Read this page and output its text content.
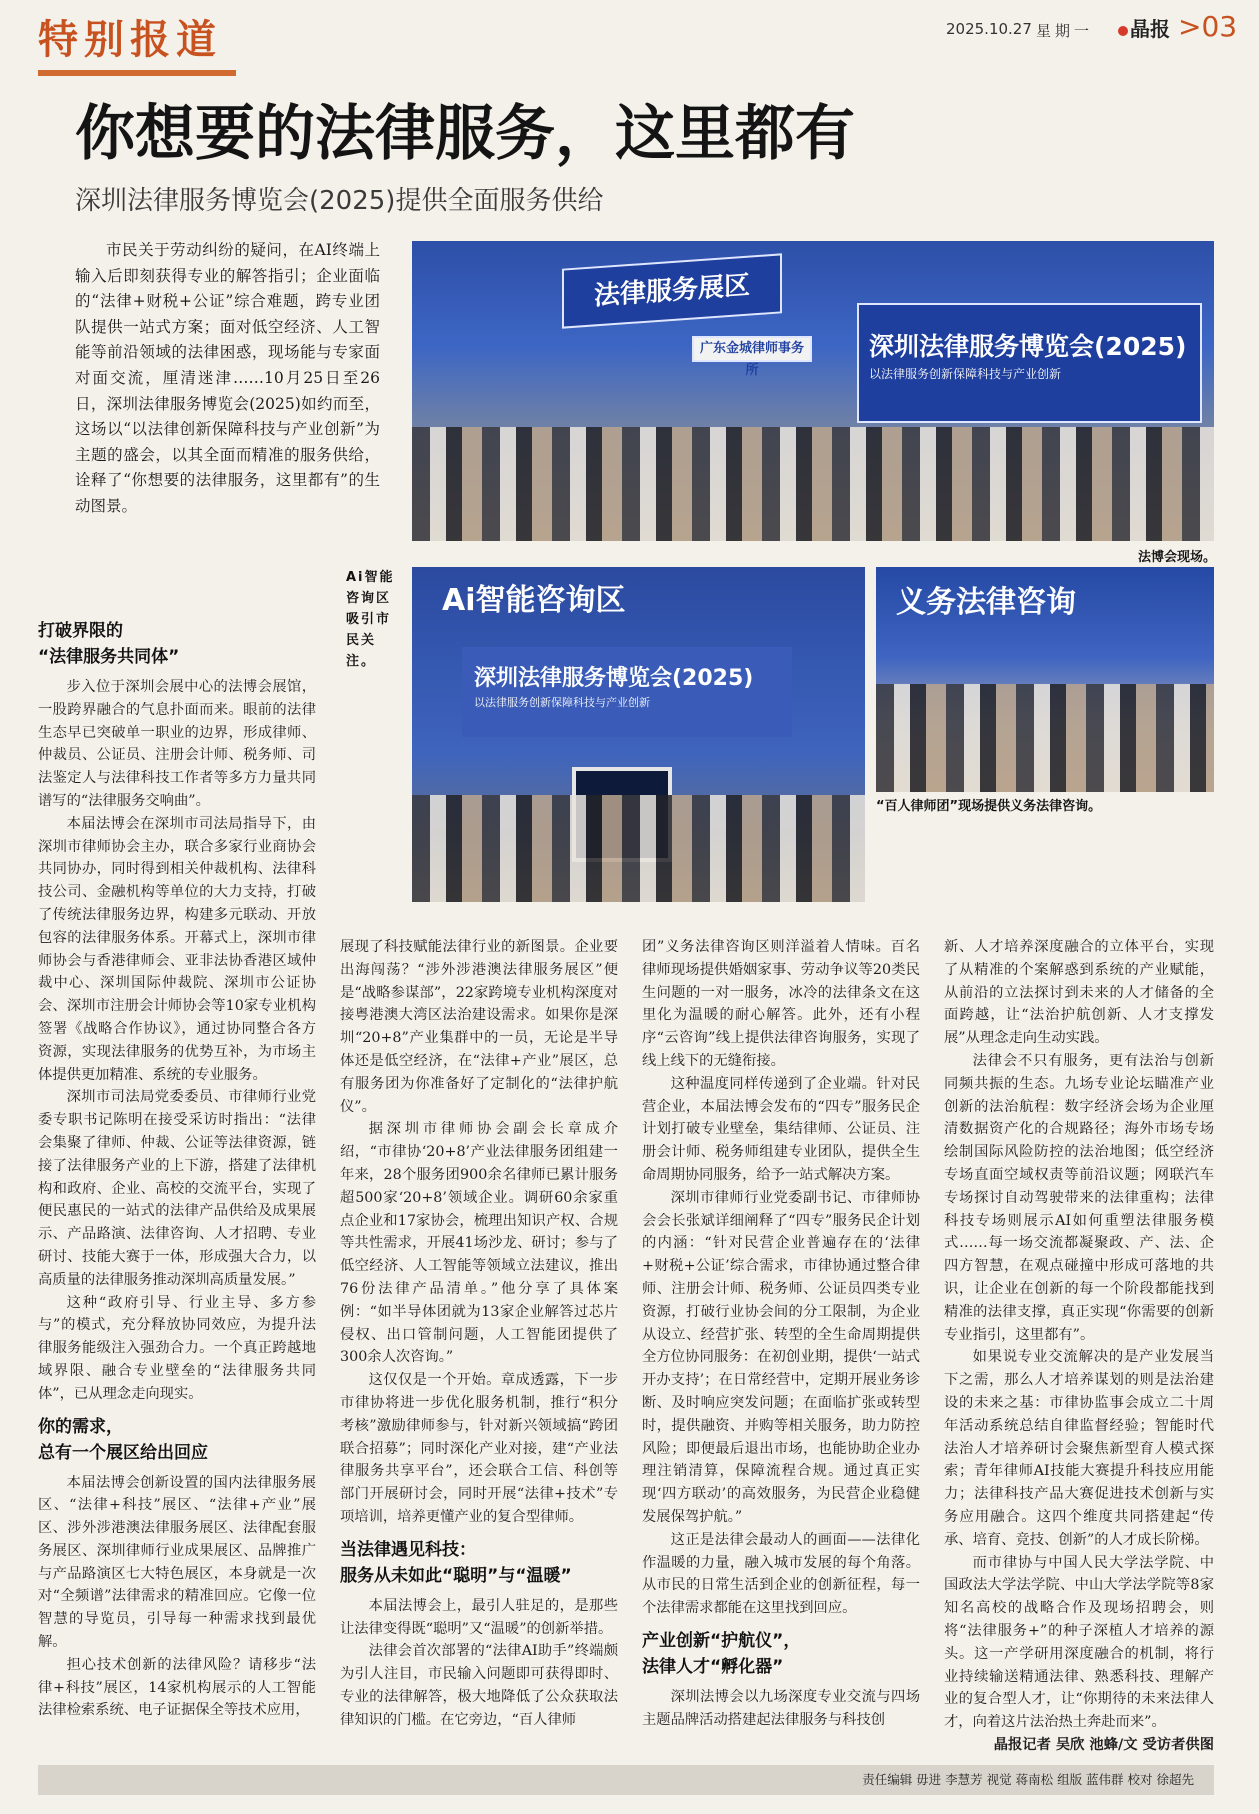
特别报道	2025.10.27 星期一	晶报 >03
你想要的法律服务，这里都有
深圳法律服务博览会(2025)提供全面服务供给
市民关于劳动纠纷的疑问，在AI终端上输入后即刻获得专业的解答指引；企业面临的“法律+财税+公证”综合难题，跨专业团队提供一站式方案；面对低空经济、人工智能等前沿领域的法律困惑，现场能与专家面对面交流，厘清迷津……10月25日至26日，深圳法律服务博览会(2025)如约而至，这场以“以法律创新保障科技与产业创新”为主题的盛会，以其全面而精准的服务供给，诠释了“你想要的法律服务，这里都有”的生动图景。
法律服务展区
广东金城律师事务所
深圳法律服务博览会(2025)
以法律服务创新保障科技与产业创新
法博会现场。
Ai智能咨询区吸引市民关注。
Ai智能咨询区
深圳法律服务博览会(2025)
以法律服务创新保障科技与产业创新
义务法律咨询
“百人律师团”现场提供义务法律咨询。
打破界限的
“法律服务共同体”

步入位于深圳会展中心的法博会展馆，一股跨界融合的气息扑面而来。眼前的法律生态早已突破单一职业的边界，形成律师、仲裁员、公证员、注册会计师、税务师、司法鉴定人与法律科技工作者等多方力量共同谱写的“法律服务交响曲”。

本届法博会在深圳市司法局指导下，由深圳市律师协会主办，联合多家行业商协会共同协办，同时得到相关仲裁机构、法律科技公司、金融机构等单位的大力支持，打破了传统法律服务边界，构建多元联动、开放包容的法律服务体系。开幕式上，深圳市律师协会与香港律师会、亚非法协香港区域仲裁中心、深圳国际仲裁院、深圳市公证协会、深圳市注册会计师协会等10家专业机构签署《战略合作协议》，通过协同整合各方资源，实现法律服务的优势互补，为市场主体提供更加精准、系统的专业服务。

深圳市司法局党委委员、市律师行业党委专职书记陈明在接受采访时指出：“法律会集聚了律师、仲裁、公证等法律资源，链接了法律服务产业的上下游，搭建了法律机构和政府、企业、高校的交流平台，实现了便民惠民的一站式的法律产品供给及成果展示、产品路演、法律咨询、人才招聘、专业研讨、技能大赛于一体，形成强大合力，以高质量的法律服务推动深圳高质量发展。”

这种“政府引导、行业主导、多方参与”的模式，充分释放协同效应，为提升法律服务能级注入强劲合力。一个真正跨越地域界限、融合专业壁垒的“法律服务共同体”，已从理念走向现实。

你的需求，
总有一个展区给出回应

本届法博会创新设置的国内法律服务展区、“法律+科技”展区、“法律+产业”展区、涉外涉港澳法律服务展区、法律配套服务展区、深圳律师行业成果展区、品牌推广与产品路演区七大特色展区，本身就是一次对“全频谱”法律需求的精准回应。它像一位智慧的导览员，引导每一种需求找到最优解。

担心技术创新的法律风险？请移步“法律+科技”展区，14家机构展示的人工智能法律检索系统、电子证据保全等技术应用，

展现了科技赋能法律行业的新图景。企业要出海闯荡？“涉外涉港澳法律服务展区”便是“战略参谋部”，22家跨境专业机构深度对接粤港澳大湾区法治建设需求。如果你是深圳“20+8”产业集群中的一员，无论是半导体还是低空经济，在“法律+产业”展区，总有服务团为你准备好了定制化的“法律护航仪”。

据深圳市律师协会副会长章成介绍，“市律协‘20+8’产业法律服务团组建一年来，28个服务团900余名律师已累计服务超500家‘20+8’领域企业。调研60余家重点企业和17家协会，梳理出知识产权、合规等共性需求，开展41场沙龙、研讨；参与了低空经济、人工智能等领域立法建议，推出76份法律产品清单。”他分享了具体案例：“如半导体团就为13家企业解答过芯片侵权、出口管制问题，人工智能团提供了300余人次咨询。”

这仅仅是一个开始。章成透露，下一步市律协将进一步优化服务机制，推行“积分考核”激励律师参与，针对新兴领域搞“跨团联合招募”；同时深化产业对接，建“产业法律服务共享平台”，还会联合工信、科创等部门开展研讨会，同时开展“法律+技术”专项培训，培养更懂产业的复合型律师。

当法律遇见科技：
服务从未如此“聪明”与“温暖”

本届法博会上，最引人驻足的，是那些让法律变得既“聪明”又“温暖”的创新举措。

法律会首次部署的“法律AI助手”终端颇为引人注目，市民输入问题即可获得即时、专业的法律解答，极大地降低了公众获取法律知识的门槛。在它旁边，“百人律师

团”义务法律咨询区则洋溢着人情味。百名律师现场提供婚姻家事、劳动争议等20类民生问题的一对一服务，冰冷的法律条文在这里化为温暖的耐心解答。此外，还有小程序“云咨询”线上提供法律咨询服务，实现了线上线下的无缝衔接。

这种温度同样传递到了企业端。针对民营企业，本届法博会发布的“四专”服务民企计划打破专业壁垒，集结律师、公证员、注册会计师、税务师组建专业团队，提供全生命周期协同服务，给予一站式解决方案。

深圳市律师行业党委副书记、市律师协会会长张斌详细阐释了“四专”服务民企计划的内涵：“针对民营企业普遍存在的‘法律+财税+公证’综合需求，市律协通过整合律师、注册会计师、税务师、公证员四类专业资源，打破行业协会间的分工限制，为企业从设立、经营扩张、转型的全生命周期提供全方位协同服务：在初创业期，提供‘一站式开办支持’；在日常经营中，定期开展业务诊断、及时响应突发问题；在面临扩张或转型时，提供融资、并购等相关服务，助力防控风险；即便最后退出市场，也能协助企业办理注销清算，保障流程合规。通过真正实现‘四方联动’的高效服务，为民营企业稳健发展保驾护航。”

这正是法律会最动人的画面——法律化作温暖的力量，融入城市发展的每个角落。从市民的日常生活到企业的创新征程，每一个法律需求都能在这里找到回应。

产业创新“护航仪”，
法律人才“孵化器”

深圳法博会以九场深度专业交流与四场主题品牌活动搭建起法律服务与科技创

新、人才培养深度融合的立体平台，实现了从精准的个案解惑到系统的产业赋能，从前沿的立法探讨到未来的人才储备的全面跨越，让“法治护航创新、人才支撑发展”从理念走向生动实践。

法律会不只有服务，更有法治与创新同频共振的生态。九场专业论坛瞄准产业创新的法治航程：数字经济会场为企业厘清数据资产化的合规路径；海外市场专场绘制国际风险防控的法治地图；低空经济专场直面空域权责等前沿议题；网联汽车专场探讨自动驾驶带来的法律重构；法律科技专场则展示AI如何重塑法律服务模式……每一场交流都凝聚政、产、法、企四方智慧，在观点碰撞中形成可落地的共识，让企业在创新的每一个阶段都能找到精准的法律支撑，真正实现“你需要的创新专业指引，这里都有”。

如果说专业交流解决的是产业发展当下之需，那么人才培养谋划的则是法治建设的未来之基：市律协监事会成立二十周年活动系统总结自律监督经验；智能时代法治人才培养研讨会聚焦新型育人模式探索；青年律师AI技能大赛提升科技应用能力；法律科技产品大赛促进技术创新与实务应用融合。这四个维度共同搭建起“传承、培育、竞技、创新”的人才成长阶梯。

而市律协与中国人民大学法学院、中国政法大学法学院、中山大学法学院等8家知名高校的战略合作及现场招聘会，则将“法律服务+”的种子深植人才培养的源头。这一产学研用深度融合的机制，将行业持续输送精通法律、熟悉科技、理解产业的复合型人才，让“你期待的未来法律人才，向着这片法治热土奔赴而来”。

晶报记者 吴欣 池蜂/文 受访者供图
责任编辑 毋进 李慧芳 视觉 蒋南松 组版 蓝伟群 校对 徐超先
